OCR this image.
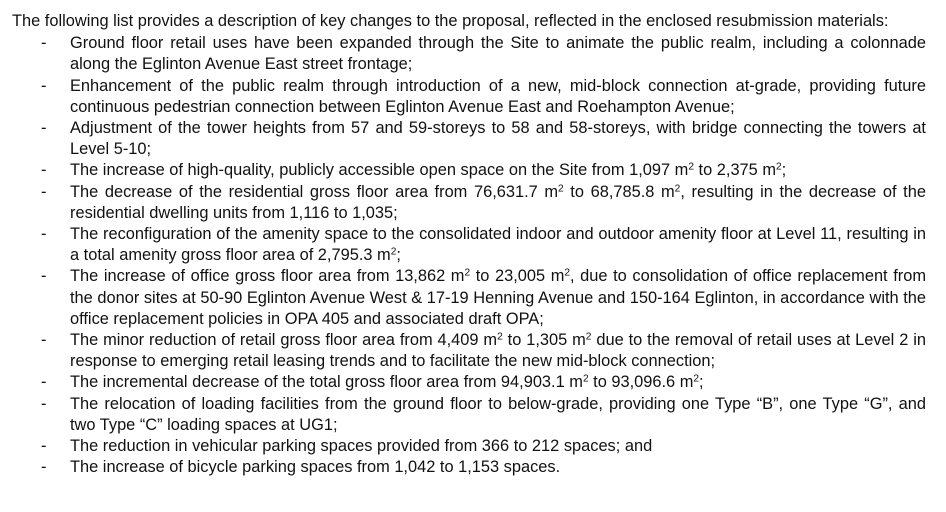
The following list provides a description of key changes to the proposal, reflected in the enclosed resubmission materials:

- Ground floor retail uses have been expanded through the Site to animate the public realm, including a colonnade along the Eglinton Avenue East street frontage;
- Enhancement of the public realm through introduction of a new, mid-block connection at-grade, providing future continuous pedestrian connection between Eglinton Avenue East and Roehampton Avenue;
- Adjustment of the tower heights from 57 and 59-storeys to 58 and 58-storeys, with bridge connecting the towers at Level 5-10;
- The increase of high-quality, publicly accessible open space on the Site from 1,097 $m^2$ to 2,375 $m^2$;
- The decrease of the residential gross floor area from 76,631.7 $m^2$ to 68,785.8 $m^2$, resulting in the decrease of the residential dwelling units from 1,116 to 1,035;
- The reconfiguration of the amenity space to the consolidated indoor and outdoor amenity floor at Level 11, resulting in a total amenity gross floor area of 2,795.3 $m^2$;
- The increase of office gross floor area from 13,862 $m^2$ to 23,005 $m^2$, due to consolidation of office replacement from the donor sites at 50-90 Eglinton Avenue West & 17-19 Henning Avenue and 150-164 Eglinton, in accordance with the office replacement policies in OPA 405 and associated draft OPA;
- The minor reduction of retail gross floor area from 4,409 $m^2$ to 1,305 $m^2$ due to the removal of retail uses at Level 2 in response to emerging retail leasing trends and to facilitate the new mid-block connection;
- The incremental decrease of the total gross floor area from 94,903.1 $m^2$ to 93,096.6 $m^2$;
- The relocation of loading facilities from the ground floor to below-grade, providing one Type “B”, one Type “G”, and two Type “C” loading spaces at UG1;
- The reduction in vehicular parking spaces provided from 366 to 212 spaces; and
- The increase of bicycle parking spaces from 1,042 to 1,153 spaces.
